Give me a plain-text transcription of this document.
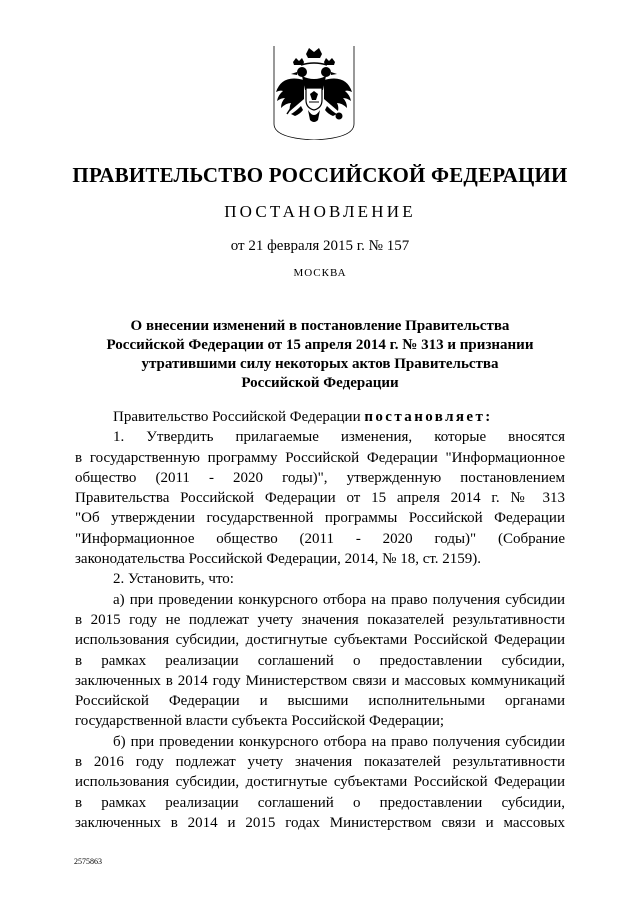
ПРАВИТЕЛЬСТВО РОССИЙСКОЙ ФЕДЕРАЦИИ
ПОСТАНОВЛЕНИЕ
от 21 февраля 2015 г. № 157
МОСКВА
О внесении изменений в постановление Правительства
Российской Федерации от 15 апреля 2014 г. № 313 и признании
утратившими силу некоторых актов Правительства
Российской Федерации
Правительство Российской Федерации постановляет:
1. Утвердить прилагаемые изменения, которые вносятся
в государственную программу Российской Федерации "Информационное
общество (2011 - 2020 годы)", утвержденную постановлением
Правительства Российской Федерации от 15 апреля 2014 г. № 313
"Об утверждении государственной программы Российской Федерации
"Информационное общество (2011 - 2020 годы)" (Собрание
законодательства Российской Федерации, 2014, № 18, ст. 2159).
2. Установить, что:
а) при проведении конкурсного отбора на право получения субсидии
в 2015 году не подлежат учету значения показателей результативности
использования субсидии, достигнутые субъектами Российской Федерации
в рамках реализации соглашений о предоставлении субсидии,
заключенных в 2014 году Министерством связи и массовых коммуникаций
Российской Федерации и высшими исполнительными органами
государственной власти субъекта Российской Федерации;
б) при проведении конкурсного отбора на право получения субсидии
в 2016 году подлежат учету значения показателей результативности
использования субсидии, достигнутые субъектами Российской Федерации
в рамках реализации соглашений о предоставлении субсидии,
заключенных в 2014 и 2015 годах Министерством связи и массовых
2575863
